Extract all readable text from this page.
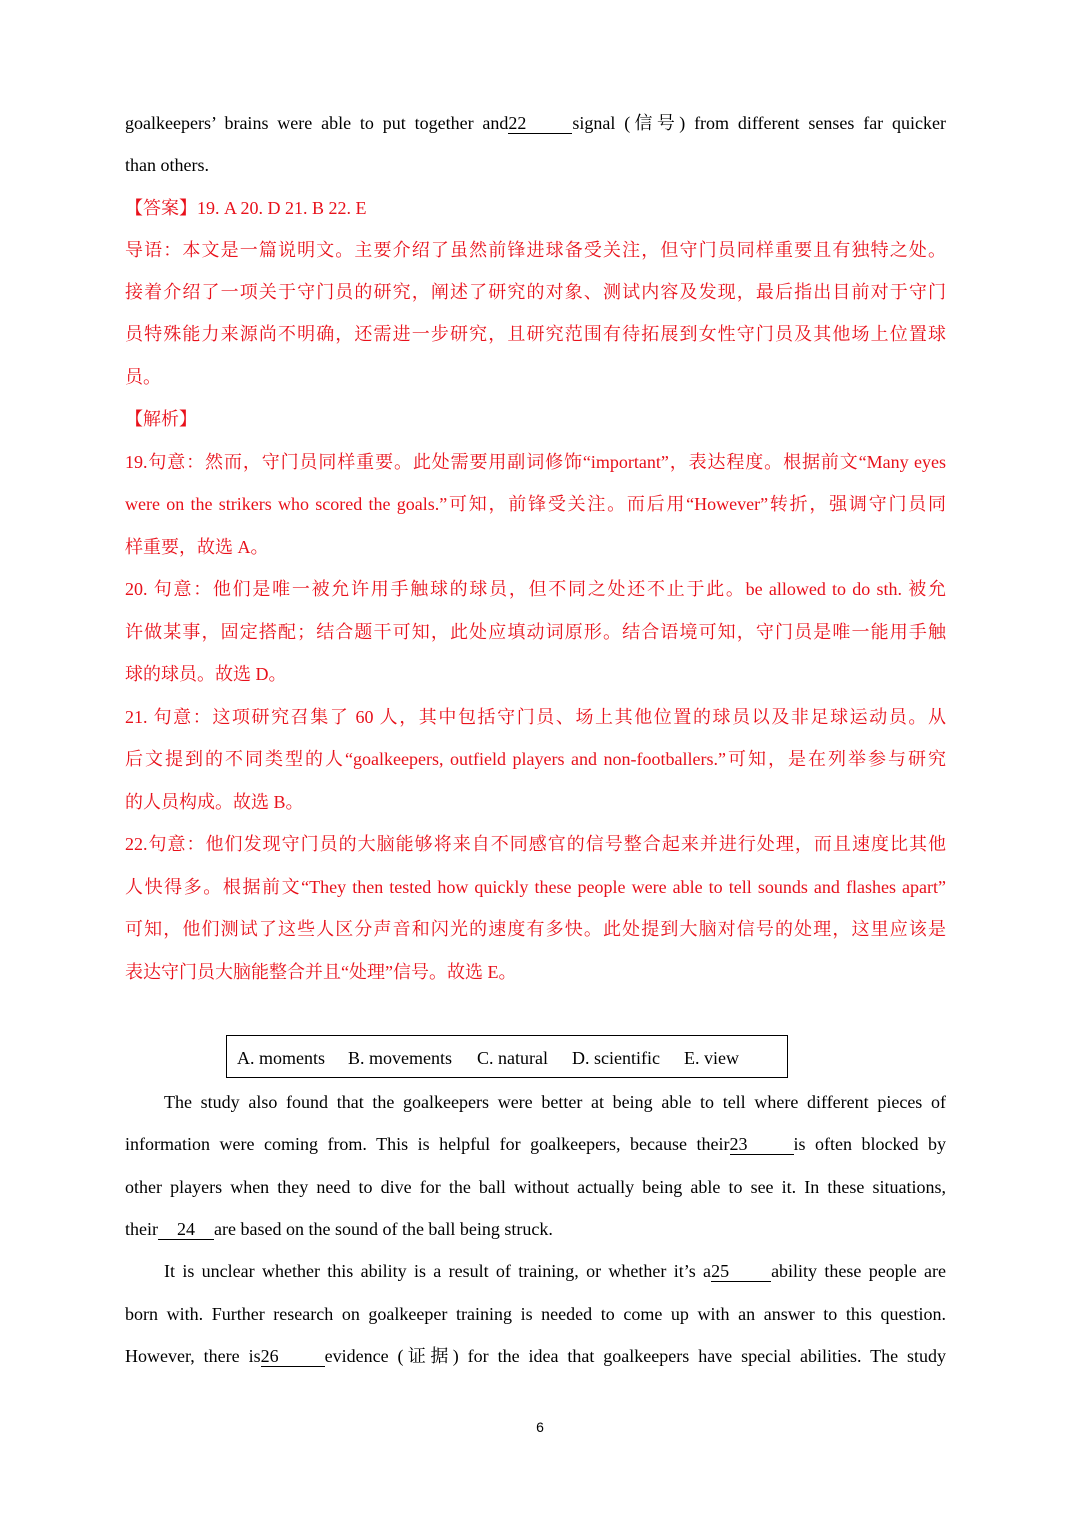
goalkeepers’ brains were able to put together and22	signal (信号) from different senses far quicker
than others.
【答案】19. A 20. D 21. B 22. E
导语：本文是一篇说明文。主要介绍了虽然前锋进球备受关注，但守门员同样重要且有独特之处。
接着介绍了一项关于守门员的研究，阐述了研究的对象、测试内容及发现，最后指出目前对于守门
员特殊能力来源尚不明确，还需进一步研究，且研究范围有待拓展到女性守门员及其他场上位置球
员。
【解析】
19.句意：然而，守门员同样重要。此处需要用副词修饰“important”，表达程度。根据前文“Many eyes
were on the strikers who scored the goals.”可知，前锋受关注。而后用“However”转折，强调守门员同
样重要，故选 A。
20. 句意：他们是唯一被允许用手触球的球员，但不同之处还不止于此。be allowed to do sth. 被允
许做某事，固定搭配；结合题干可知，此处应填动词原形。结合语境可知，守门员是唯一能用手触
球的球员。故选 D。
21. 句意：这项研究召集了 60 人，其中包括守门员、场上其他位置的球员以及非足球运动员。从
后文提到的不同类型的人“goalkeepers, outfield players and non-footballers.”可知，是在列举参与研究
的人员构成。故选 B。
22.句意：他们发现守门员的大脑能够将来自不同感官的信号整合起来并进行处理，而且速度比其他
人快得多。根据前文“They then tested how quickly these people were able to tell sounds and flashes apart”
可知，他们测试了这些人区分声音和闪光的速度有多快。此处提到大脑对信号的处理，这里应该是
表达守门员大脑能整合并且“处理”信号。故选 E。
A. moments B. movements C. natural D. scientific E. view
The study also found that the goalkeepers were better at being able to tell where different pieces of
information were coming from. This is helpful for goalkeepers, because their23	is often blocked by
other players when they need to dive for the ball without actually being able to see it. In these situations,
their 24 are based on the sound of the ball being struck.
It is unclear whether this ability is a result of training, or whether it’s a25 ability these people are
born with. Further research on goalkeeper training is needed to come up with an answer to this question.
However, there is26	evidence (证据) for the idea that goalkeepers have special abilities. The study
6
